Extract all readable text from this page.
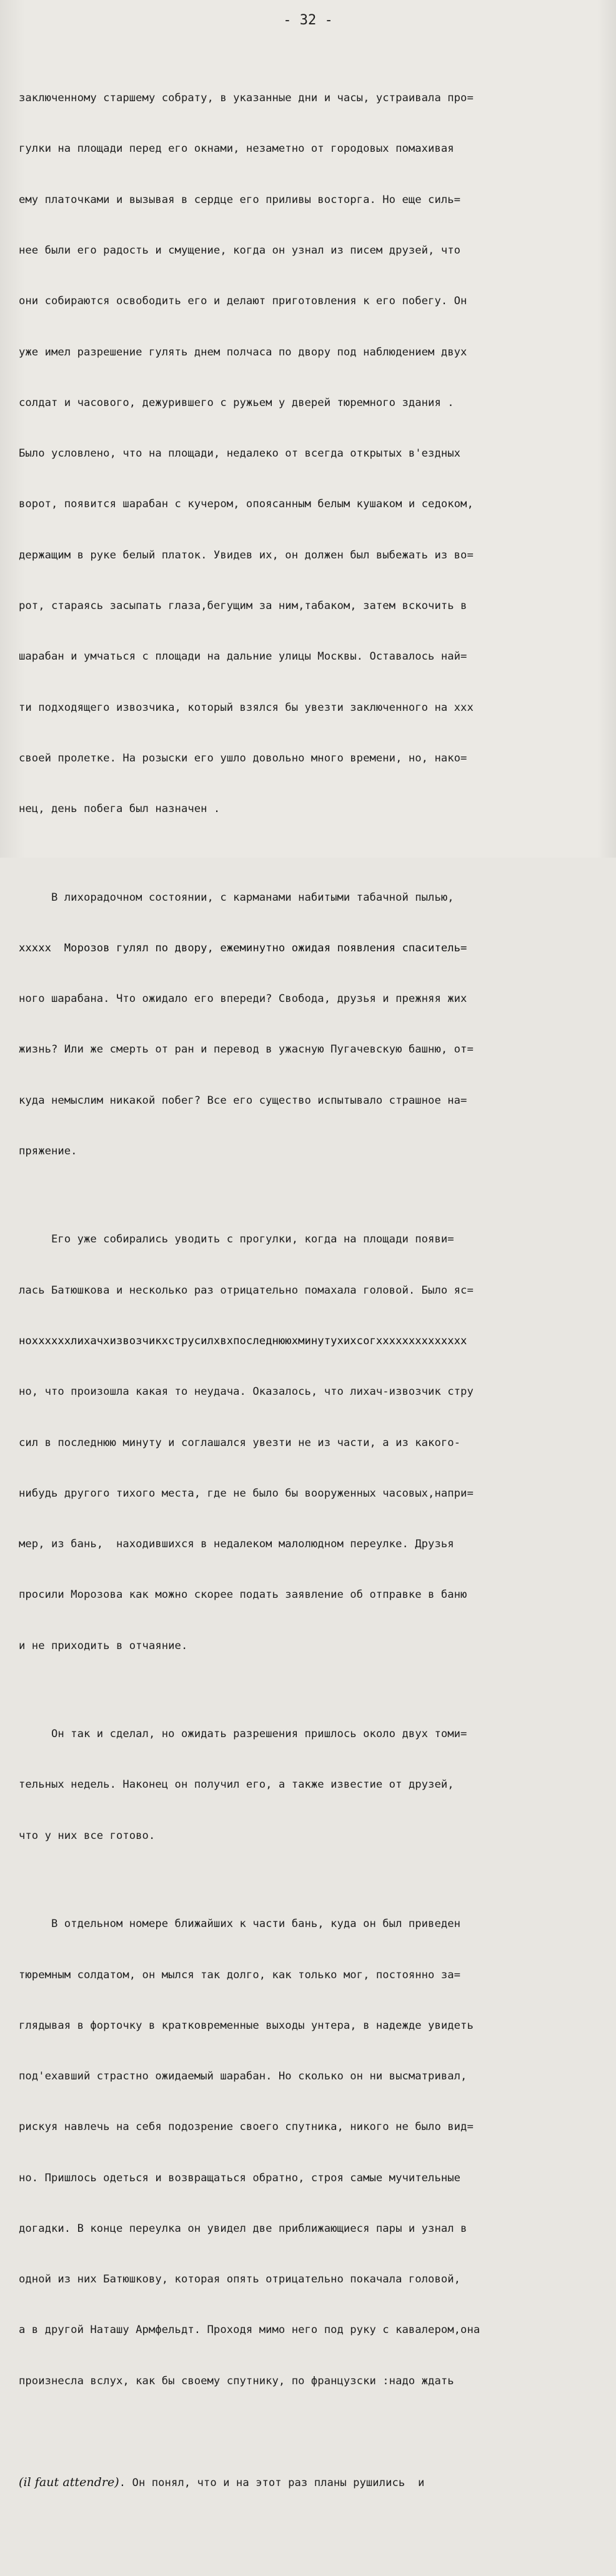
- 32 -

заключенному старшему собрату, в указанные дни и часы, устраивала про=

гулки на площади перед его окнами, незаметно от городовых помахивая

ему платочками и вызывая в сердце его приливы восторга. Но еще силь=

нее были его радость и смущение, когда он узнал из писем друзей, что

они собираются освободить его и делают приготовления к его побегу. Он

уже имел разрешение гулять днем полчаса по двору под наблюдением двух

солдат и часового, дежурившего с ружьем у дверей тюремного здания .

Было условлено, что на площади, недалеко от всегда открытых в'ездных

ворот, появится шарабан с кучером, опоясанным белым кушаком и седоком,

держащим в руке белый платок. Увидев их, он должен был выбежать из во=

рот, стараясь засыпать глаза,бегущим за ним,табаком, затем вскочить в

шарабан и умчаться с площади на дальние улицы Москвы. Оставалось най=

ти подходящего извозчика, который взялся бы увезти заключенного на ххх

своей пролетке. На розыски его ушло довольно много времени, но, нако=

нец, день побега был назначен .

В лихорадочном состоянии, с карманами набитыми табачной пылью,

ххххх  Морозов гулял по двору, ежеминутно ожидая появления спаситель=

ного шарабана. Что ожидало его впереди? Свобода, друзья и прежняя жих

жизнь? Или же смерть от ран и перевод в ужасную Пугачевскую башню, от=

куда немыслим никакой побег? Все его существо испытывало страшное на=

пряжение.

Его уже собирались уводить с прогулки, когда на площади появи=

лась Батюшкова и несколько раз отрицательно помахала головой. Было яс=

ноххххххлихачхизвозчикхструсилхвхпоследнююхминутухихсогхххххххххххххх

но, что произошла какая то неудача. Оказалось, что лихач-извозчик стру

сил в последнюю минуту и соглашался увезти не из части, а из какого-

нибудь другого тихого места, где не было бы вооруженных часовых,напри=

мер, из бань,  находившихся в недалеком малолюдном переулке. Друзья

просили Морозова как можно скорее подать заявление об отправке в баню

и не приходить в отчаяние.

Он так и сделал, но ожидать разрешения пришлось около двух томи=

тельных недель. Наконец он получил его, а также известие от друзей,

что у них все готово.

В отдельном номере ближайших к части бань, куда он был приведен

тюремным солдатом, он мылся так долго, как только мог, постоянно за=

глядывая в форточку в кратковременные выходы унтера, в надежде увидеть

под'ехавший страстно ожидаемый шарабан. Но сколько он ни высматривал,

рискуя навлечь на себя подозрение своего спутника, никого не было вид=

но. Пришлось одеться и возвращаться обратно, строя самые мучительные

догадки. В конце переулка он увидел две приближающиеся пары и узнал в

одной из них Батюшкову, которая опять отрицательно покачала головой,

а в другой Наташу Армфельдт. Проходя мимо него под руку с кавалером,она

произнесла вслух, как бы своему спутнику, по французски :надо ждать

(il faut attendre). Он понял, что и на этот раз планы рушились  и
